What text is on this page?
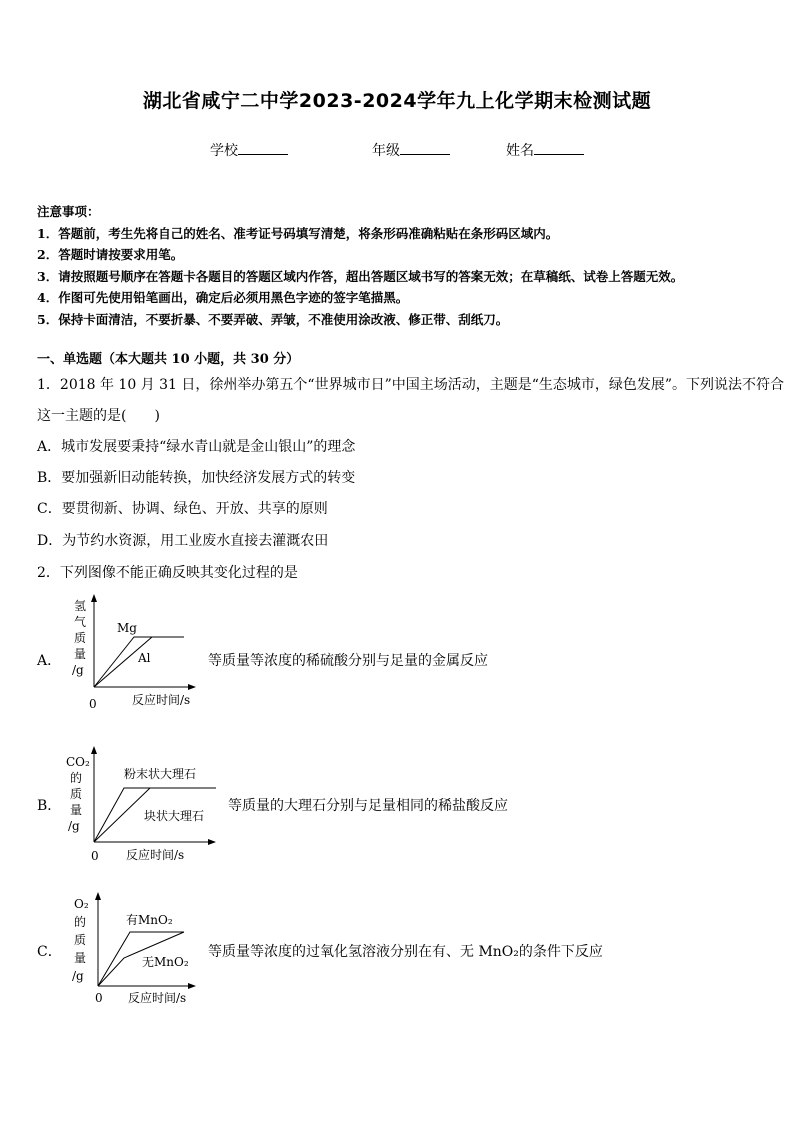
湖北省咸宁二中学2023-2024学年九上化学期末检测试题
学校	年级	姓名
注意事项：
1．答题前，考生先将自己的姓名、准考证号码填写清楚，将条形码准确粘贴在条形码区域内。
2．答题时请按要求用笔。
3．请按照题号顺序在答题卡各题目的答题区域内作答，超出答题区域书写的答案无效；在草稿纸、试卷上答题无效。
4．作图可先使用铅笔画出，确定后必须用黑色字迹的签字笔描黑。
5．保持卡面清洁，不要折暴、不要弄破、弄皱，不准使用涂改液、修正带、刮纸刀。
一、单选题（本大题共 10 小题，共 30 分）
1．2018 年 10 月 31 日，徐州举办第五个“世界城市日”中国主场活动，主题是“生态城市，绿色发展”。下列说法不符合
这一主题的是(　　)
A．城市发展要秉持“绿水青山就是金山银山”的理念
B．要加强新旧动能转换，加快经济发展方式的转变
C．要贯彻新、协调、绿色、开放、共享的原则
D．为节约水资源，用工业废水直接去灌溉农田
2．下列图像不能正确反映其变化过程的是
A．
氢
气
质
量
/g
Mg
Al
0	反应时间/s
等质量等浓度的稀硫酸分别与足量的金属反应
B．
CO₂
的
质
量
/g
粉末状大理石
块状大理石
0 反应时间/s
等质量的大理石分别与足量相同的稀盐酸反应
C．
O₂
的
质
量
/g
有MnO₂
无MnO₂
0 反应时间/s
等质量等浓度的过氧化氢溶液分别在有、无 MnO₂的条件下反应
